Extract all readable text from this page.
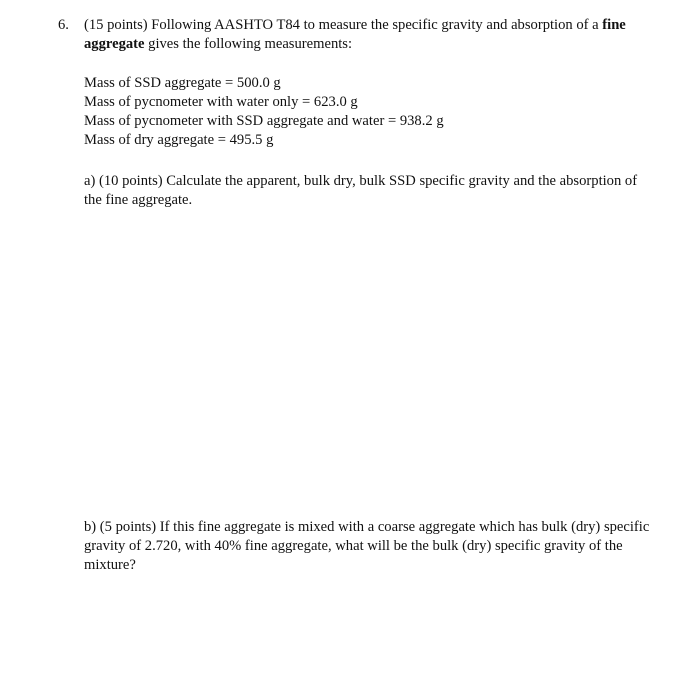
6. (15 points) Following AASHTO T84 to measure the specific gravity and absorption of a fine aggregate gives the following measurements:
Mass of SSD aggregate = 500.0 g
Mass of pycnometer with water only = 623.0 g
Mass of pycnometer with SSD aggregate and water = 938.2 g
Mass of dry aggregate = 495.5 g
a) (10 points) Calculate the apparent, bulk dry, bulk SSD specific gravity and the absorption of the fine aggregate.
b) (5 points) If this fine aggregate is mixed with a coarse aggregate which has bulk (dry) specific gravity of 2.720, with 40% fine aggregate, what will be the bulk (dry) specific gravity of the mixture?
